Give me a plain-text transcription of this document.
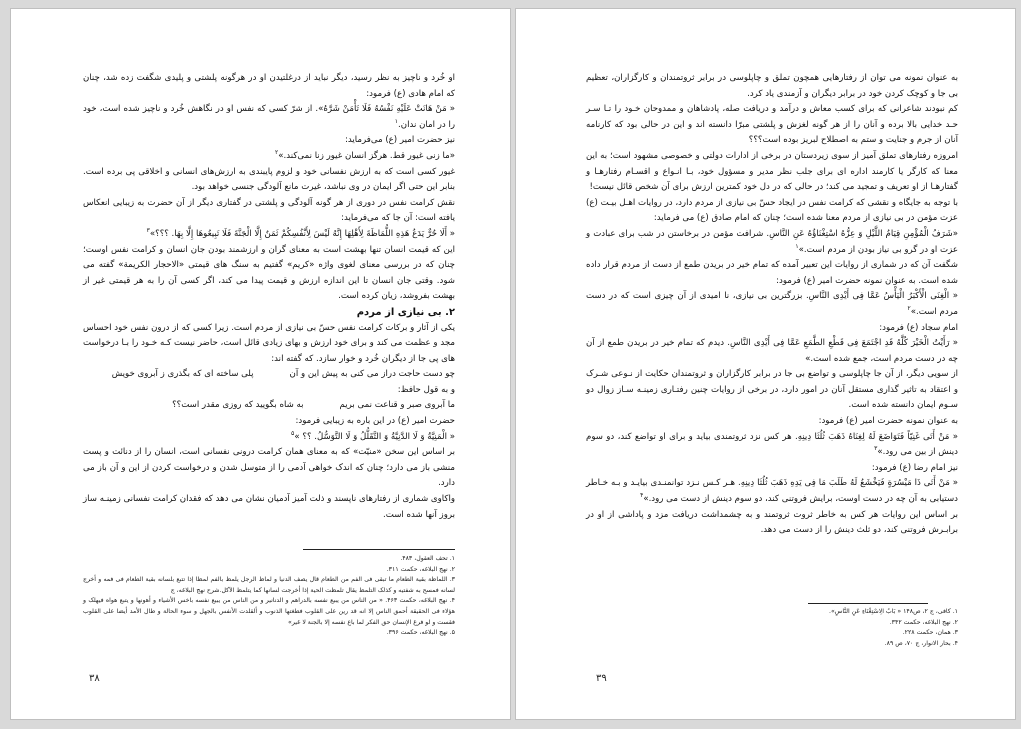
او خُرد و ناچیز به نظر رسید، دیگر نباید از درغلتیدن او در هرگونه پلشتی و پلیدی شگفت زده شد، چنان که امام هادی (ع) فرمود:

« مَنْ هَانَتْ عَلَیْهِ نَفْسُهُ فَلَا تَأْمَنْ شَرَّهُ». از شرّ کسی که نفس او در نگاهش خُرد و ناچیز شده است، خود را در امان ندان.$^۱$

نیز حضرت امیر (ع) می‌فرماید:

«ما زنی غیور قط. هرگز انسان غیور زنا نمی‌کند.»$^۲$

غیور کسی است که به ارزش نفسانی خود و لزوم پایبندی به ارزش‌های انسانی و اخلاقی پی برده است. بنابر این حتی اگر ایمان در وی نباشد، غیرت مانع آلودگی جنسی خواهد بود.

نقش کرامت نفس در دوری از هر گونه آلودگی و پلشتی در گفتاری دیگر از آن حضرت به زیبایی انعکاس یافته است: آن جا که می‌فرماید:

« أَلَا حُرٌّ یَدَعُ هَذِهِ اللُّمَاظَةَ لِأَهْلِهَا إِنَّهُ لَیْسَ لِأَنْفُسِکُمْ ثَمَنٌ إِلَّا الْجَنَّةَ فَلَا تَبِیعُوهَا إِلَّا بِهَا. ؟؟؟»$^۳$

این که قیمت انسان تنها بهشت است به معنای گران و ارزشمند بودن جان انسان و کرامت نفس اوست؛ چنان که در بررسی معنای لغوی واژه «کریم» گفتیم به سنگ های قیمتی «الاحجار الکریمة» گفته می شود. وقتی جان انسان تا این اندازه ارزش و قیمت پیدا می کند، اگر کسی آن را به هر قیمتی غیر از بهشت بفروشد، زیان کرده است.

۲. بی نیازی از مردم

یکی از آثار و برکات کرامت نفس حسّ بی نیازی از مردم است. زیرا کسی که از درون نفس خود احساس مجد و عظمت می کند و برای خود ارزش و بهای زیادی قائل است، حاضر نیست کـه خـود را بـا درخواست های پی جا از دیگران خُرد و خوار سازد. که گفته اند:

چو دست حاجت دراز می کنی به پیش این و آن
پلی ساخته ای که بگذری ز آبروی خویش

و به قول حافظ:

ما آبروی صبر و قناعت نمی بریم
به شاه بگویید که روزی مقدر است؟؟

حضرت امیر (ع) در این باره به زیبایی فرمود:

« الْمَنِیَّةُ وَ لَا الدَّنِیَّةُ وَ التَّقَلُّلُ وَ لَا التَّوَسُّلُ. ؟؟ »$^۵$

بر اساس این سخن «منیّت» که به معنای همان کرامت درونی نفسانی است، انسان را از دنائت و پست منشی باز می دارد؛ چنان که اندک خواهی آدمی را از متوسل شدن و درخواست کردن از این و آن باز می دارد.

واکاوی شماری از رفتارهای ناپسند و ذلت آمیز آدمیان نشان می دهد که فقدان کرامت نفسانی زمینـه ساز بروز آنها شده است.

۱. تحف العقول، ۴۸۳.

۲. نهج البلاغه، حکمت ۳۱۱.

۳. اللماظة بقیة الطعام ما تبقی فی الفم من الطعام قال یصف الدنیا و لماظ الرجل یلمظ بالفم لمظا إذا تتبع بلسانه بقیة الطعام فی فمه و أخرج لسانه فمسح به شفتیه و کذلک التلمظ یقال تلمظت الحیة إذا أخرجت لسانها کما یتلمظ الآکل.شرح نهج البلاغه، ج

۴. نهج البلاغه، حکمت ۴۶۳. « من الناس من یبیع نفسه بالدراهم و الدنانیر و من الناس من یبیع نفسه باخس الأشیاء و أهونها و یتبع هواه فیهلک و هؤلاء فی الحقیقة أحمق الناس إلا انه قد رین علی القلوب فطغتها الذنوب و ألقلدت الأنفس بالجهل و سوء الحالة و طال الأمد أیضا علی القلوب فقست و لو فرغ الإنسان حق الفکر لما باع نفسه إلا بالجنة لا غیر»

۵. نهج البلاغه، حکمت ۳۹۶.

۳۸

به عنوان نمونه می توان از رفتارهایی همچون تملق و چاپلوسی در برابر ثروتمندان و کارگزاران، تعظیم بی جا و کوچک کردن خود در برابر دیگران و آزمندی یاد کرد.

کم نبودند شاعرانی که برای کسب معاش و درآمد و دریافت صله، پادشاهان و ممدوحان خـود را تـا سـر حـد خدایی بالا برده و آنان را از هر گونه لغزش و پلشتی مبرّا دانسته اند و این در حالی بود که کارنامه آنان از جرم و جنایت و ستم به اصطلاح لبریز بوده است؟؟؟

امروزه رفتارهای تملق آمیز از سوی زیردستان در برخی از ادارات دولتی و خصوصی مشهود است؛ به این معنا که کارگر یا کارمند اداره ای برای جلب نظر مدیر و مسؤول خود، بـا انـواع و اقسـام رفتارهـا و گفتارهـا از او تعریف و تمجید می کند؛ در حالی که در دل خود کمترین ارزش برای آن شخص قائل نیست!

با توجه به جایگاه و نقشی که کرامت نفس در ایجاد حسّ بی نیازی از مردم دارد، در روایات اهـل بیـت (ع) عزت مؤمن در بی نیازی از مردم معنا شده است؛ چنان که امام صادق (ع) می فرماید:

«شَرَفُ الْمُؤْمِنِ قِیَامُ اللَّیْلِ وَ عِزُّهُ اسْتِغْنَاؤُهُ عَنِ النَّاسِ. شرافت مؤمن در برخاستن در شب برای عبادت و عزت او در گرو بی نیاز بودن از مردم است.»$^۱$

شگفت آن که در شماری از روایات این تعبیر آمده که تمام خیر در بریدن طمع از دست از مردم قرار داده شده است. به عنوان نمونه حضرت امیر (ع) فرمود:

« الْغِنَی الْأَکْبَرُ الْیَأْسُ عَمَّا فِی أَیْدِی النَّاسِ. بزرگترین بی نیازی، نا امیدی از آن چیزی است که در دست مردم است.»$^۲$

امام سجاد (ع) فرمود:

« رَأَیْتُ الْخَیْرَ کُلَّهُ قَدِ اجْتَمَعَ فِی قَطْعِ الطَّمَعِ عَمَّا فِی أَیْدِی النَّاسِ. دیدم که تمام خیر در بریدن طمع از آن چه در دست مردم است، جمع شده است.»

از سویی دیگر، از آن جا چاپلوسی و تواضع بی جا در برابر کارگزاران و ثروتمندان حکایت از نـوعی شـرک و اعتقاد به تاثیر گذاری مستقل آنان در امور دارد، در برخی از روایات چنین رفتـاری زمینـه سـاز زوال دو سـوم ایمان دانسته شده است.

به عنوان نمونه حضرت امیر (ع) فرمود:

« مَنْ أَتَی غَنِیّاً فَتَوَاضَعَ لَهُ لِغِنَاهُ ذَهَبَ ثُلُثَا دِینِهِ. هر کس نزد ثروتمندی بیاید و برای او تواضع کند، دو سوم دینش از بین می رود.»$^۳$

نیز امام رضا (ع) فرمود:

« مَنْ أَتَی ذَا مَیْسُرَةٍ فَیَخْشَعُ لَهُ طَلَبَ مَا فِی یَدِهِ ذَهَبَ ثُلُثَا دِینِهِ. هـر کـس نـزد توانمنـدی بیایـد و بـه خـاطر دستیابی به آن چه در دست اوست، برایش فروتنی کند، دو سوم دینش از دست می رود.»$^۴$

بر اساس این روایات هر کس به خاطر ثروت ثروتمند و به چشمداشت دریافت مزد و پاداشی از او در برابـرش فروتنی کند، دو ثلث دینش را از دست می دهد.

۱. کافی، ج ۲، ص۱۴۸ « بَابُ الِاسْتِغْنَاءِ عَنِ النَّاسِ».

۲. نهج البلاغه، حکمت ۳۴۲.

۳. همان، حکمت ۲۲۸.

۴. بحار الانوار، ج ۷۰، ص ۸۹.

۳۹
